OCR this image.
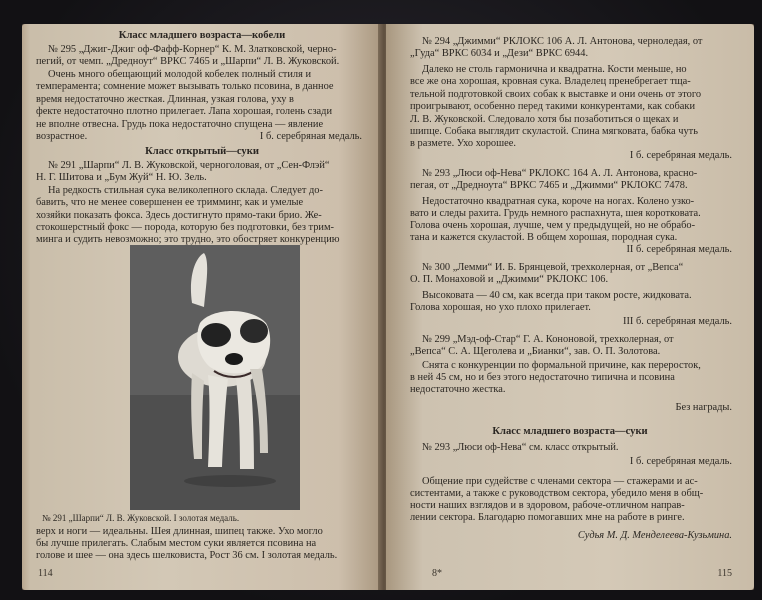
Класс младшего возраста—кобели
№ 295 „Джиг-Джиг оф-Фафф-Корнер“ К. М. Златковской, черно-
пегий, от чемп. „Дредноут“ ВРКС 7465 и „Шарпи“ Л. В. Жуковской.
Очень много обещающий молодой кобелек полный стиля и
темперамента; сомнение может вызывать только псовина, в данное
время недостаточно жесткая. Длинная, узкая голова, уху в
фекте недостаточно плотно прилегает. Лапа хорошая, голень сзади
не вполне отвесна. Грудь пока недостаточно спущена — явление
возрастное.	I б. серебряная медаль.
Класс открытый—суки
№ 291 „Шарпи“ Л. В. Жуковской, черноголовая, от „Сен-Флэй“
Н. Г. Шитова и „Бум Жуй“ Н. Ю. Зель.
На редкость стильная сука великолепного склада. Следует до-
бавить, что не менее совершенен ее тримминг, как и умелые
хозяйки показать фокса. Здесь достигнуто прямо-таки брио. Же-
стокошерстный фокс — порода, которую без подготовки, без трим-
минга и судить невозможно; это трудно, это обостряет конкуренцию
№ 291 „Шарпи“ Л. В. Жуковской. I золотая медаль.
верх и ноги — идеальны. Шея длинная, шипец также. Ухо могло
бы лучше прилегать. Слабым местом суки является псовина на
голове и шее — она здесь шелковиста, Рост 36 см. I золотая медаль.
114
№ 294 „Джимми“ РКЛОКС 106 А. Л. Антонова, черноледая, от
„Гуда“ ВРКС 6034 и „Дези“ ВРКС 6944.
Далеко не столь гармонична и квадратна. Кости меньше, но
все же она хорошая, кровная сука. Владелец пренебрегает тща-
тельной подготовкой своих собак к выставке и они очень от этого
проигрывают, особенно перед такими конкурентами, как собаки
Л. В. Жуковской. Следовало хотя бы позаботиться о щеках и
шипце. Собака выглядит скуластой. Спина мягковата, бабка чуть
в размете. Ухо хорошее.
I б. серебряная медаль.
№ 293 „Люси оф-Нева“ РКЛОКС 164 А. Л. Антонова, красно-
пегая, от „Дредноута“ ВРКС 7465 и „Джимми“ РКЛОКС 7478.
Недостаточно квадратная сука, короче на ногах. Колено узко-
вато и следы рахита. Грудь немного распахнута, шея коротковата.
Голова очень хорошая, лучше, чем у предыдущей, но не обрабо-
тана и кажется скуластой. В общем хорошая, породная сука.
II б. серебряная медаль.
№ 300 „Лемми“ И. Б. Брянцевой, трехколерная, от „Вепса“
О. П. Монаховой и „Джимми“ РКЛОКС 106.
Высоковата — 40 см, как всегда при таком росте, жидковата.
Голова хорошая, но ухо плохо прилегает.
III б. серебряная медаль.
№ 299 „Мэд-оф-Стар“ Г. А. Кононовой, трехколерная, от
„Вепса“ С. А. Щеголева и „Бианки“, зав. О. П. Золотова.
Снята с конкуренции по формальной причине, как переросток,
в ней 45 см, но и без этого недостаточно типична и псовина
недостаточно жестка.
Без награды.
Класс младшего возраста—суки
№ 293 „Люси оф-Нева“ см. класс открытый.
I б. серебряная медаль.
Общение при судействе с членами сектора — стажерами и ас-
систентами, а также с руководством сектора, убедило меня в общ-
ности наших взглядов и в здоровом, рабоче-отличном направ-
лении сектора. Благодарю помогавших мне на работе в ринге.
Судья М. Д. Менделеева-Кузьмина.
8*	115
